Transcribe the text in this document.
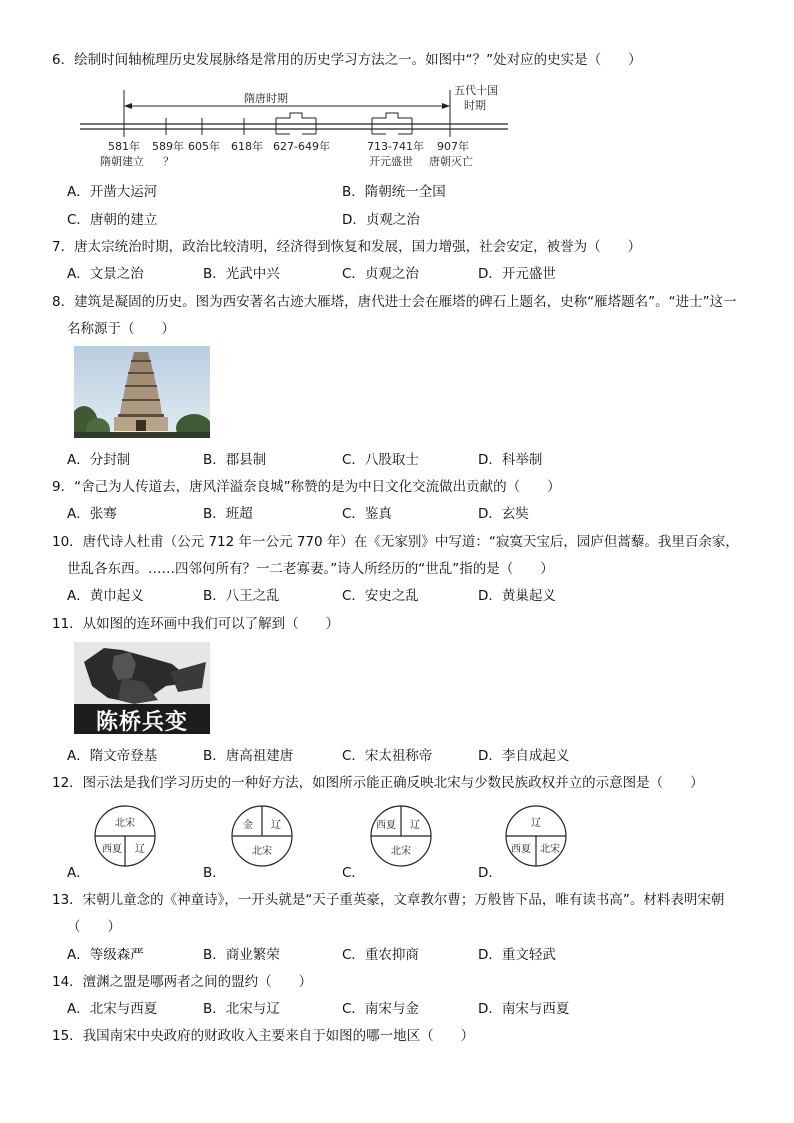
6．绘制时间轴梳理历史发展脉络是常用的历史学习方法之一。如图中“？”处对应的史实是（　　）
隋唐时期
五代十国
时期
581年 589年 605年 618年 627-649年	713-741年 907年
隋朝建立 ？	开元盛世 唐朝灭亡
A．开凿大运河	B．隋朝统一全国
C．唐朝的建立	D．贞观之治
7．唐太宗统治时期，政治比较清明，经济得到恢复和发展，国力增强，社会安定，被誉为（　　）
A．文景之治	B．光武中兴	C．贞观之治	D．开元盛世
8．建筑是凝固的历史。图为西安著名古迹大雁塔，唐代进士会在雁塔的碑石上题名，史称“雁塔题名”。“进士”这一
名称源于（　　）
A．分封制	B．郡县制	C．八股取士	D．科举制
9．“舍己为人传道去，唐风洋溢奈良城”称赞的是为中日文化交流做出贡献的（　　）
A．张骞	B．班超	C．鉴真	D．玄奘
10．唐代诗人杜甫（公元 712 年一公元 770 年）在《无家别》中写道：“寂寞天宝后，园庐但蒿藜。我里百余家，
世乱各东西。……四邻何所有？一二老寡妻。”诗人所经历的“世乱”指的是（　　）
A．黄巾起义	B．八王之乱	C．安史之乱	D．黄巢起义
11．从如图的连环画中我们可以了解到（　　）
陈桥兵变
A．隋文帝登基	B．唐高祖建唐	C．宋太祖称帝	D．李自成起义
12．图示法是我们学习历史的一种好方法，如图所示能正确反映北宋与少数民族政权并立的示意图是（　　）
北宋
西夏 辽
A．
金 辽
北宋
B．
西夏 辽
北宋
C．
辽
西夏 北宋
D．
13．宋朝儿童念的《神童诗》，一开头就是“天子重英豪，文章教尔曹；万般皆下品，唯有读书高”。材料表明宋朝
（　　）
A．等级森严	B．商业繁荣	C．重农抑商	D．重文轻武
14．澶渊之盟是哪两者之间的盟约（　　）
A．北宋与西夏	B．北宋与辽	C．南宋与金	D．南宋与西夏
15．我国南宋中央政府的财政收入主要来自于如图的哪一地区（　　）
